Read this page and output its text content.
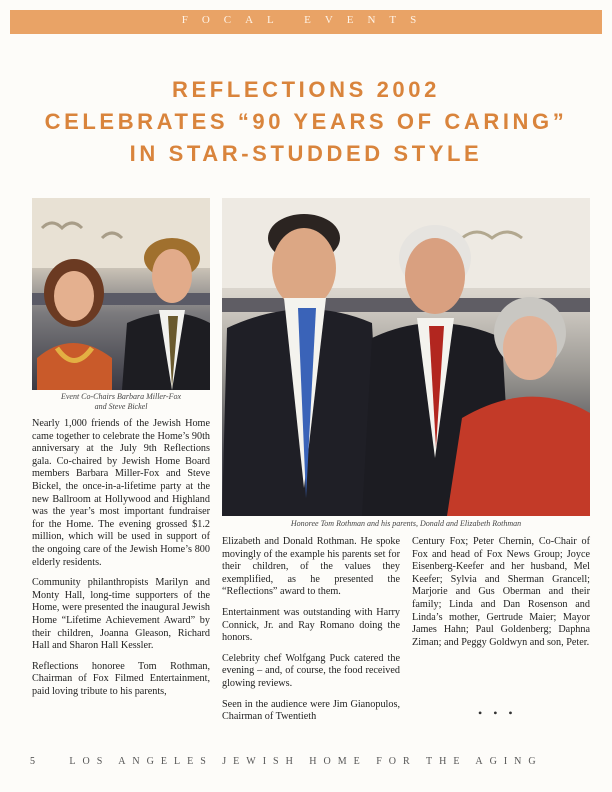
FOCAL EVENTS
REFLECTIONS 2002
CELEBRATES “90 YEARS OF CARING”
IN STAR-STUDDED STYLE
Event Co-Chairs Barbara Miller-Fox
and Steve Bickel
Honoree Tom Rothman and his parents, Donald and Elizabeth Rothman

Nearly 1,000 friends of the Jewish Home came together to celebrate the Home’s 90th anniversary at the July 9th Reflections gala. Co-chaired by Jewish Home Board members Barbara Miller-Fox and Steve Bickel, the once-in-a-lifetime party at the new Ballroom at Hollywood and Highland was the year’s most important fundraiser for the Home. The evening grossed $1.2 million, which will be used in support of the ongoing care of the Jewish Home’s 800 elderly residents.

Community philanthropists Marilyn and Monty Hall, long-time supporters of the Home, were presented the inaugural Jewish Home “Lifetime Achievement Award” by their children, Joanna Gleason, Richard Hall and Sharon Hall Kessler.

Reflections honoree Tom Rothman, Chairman of Fox Filmed Entertainment, paid loving tribute to his parents,

Elizabeth and Donald Rothman. He spoke movingly of the example his parents set for their children, of the values they exemplified, as he presented the “Reflections” award to them.

Entertainment was outstanding with Harry Connick, Jr. and Ray Romano doing the honors.

Celebrity chef Wolfgang Puck catered the evening – and, of course, the food received glowing reviews.

Seen in the audience were Jim Gianopulos, Chairman of Twentieth

Century Fox; Peter Chernin, Co-Chair of Fox and head of Fox News Group; Joyce Eisenberg-Keefer and her husband, Mel Keefer; Sylvia and Sherman Grancell; Marjorie and Gus Oberman and their family; Linda and Dan Rosenson and Linda’s mother, Gertrude Maier; Mayor James Hahn; Paul Goldenberg; Daphna Ziman; and Peggy Goldwyn and son, Peter.

• • •
5	LOS ANGELES JEWISH HOME FOR THE AGING
